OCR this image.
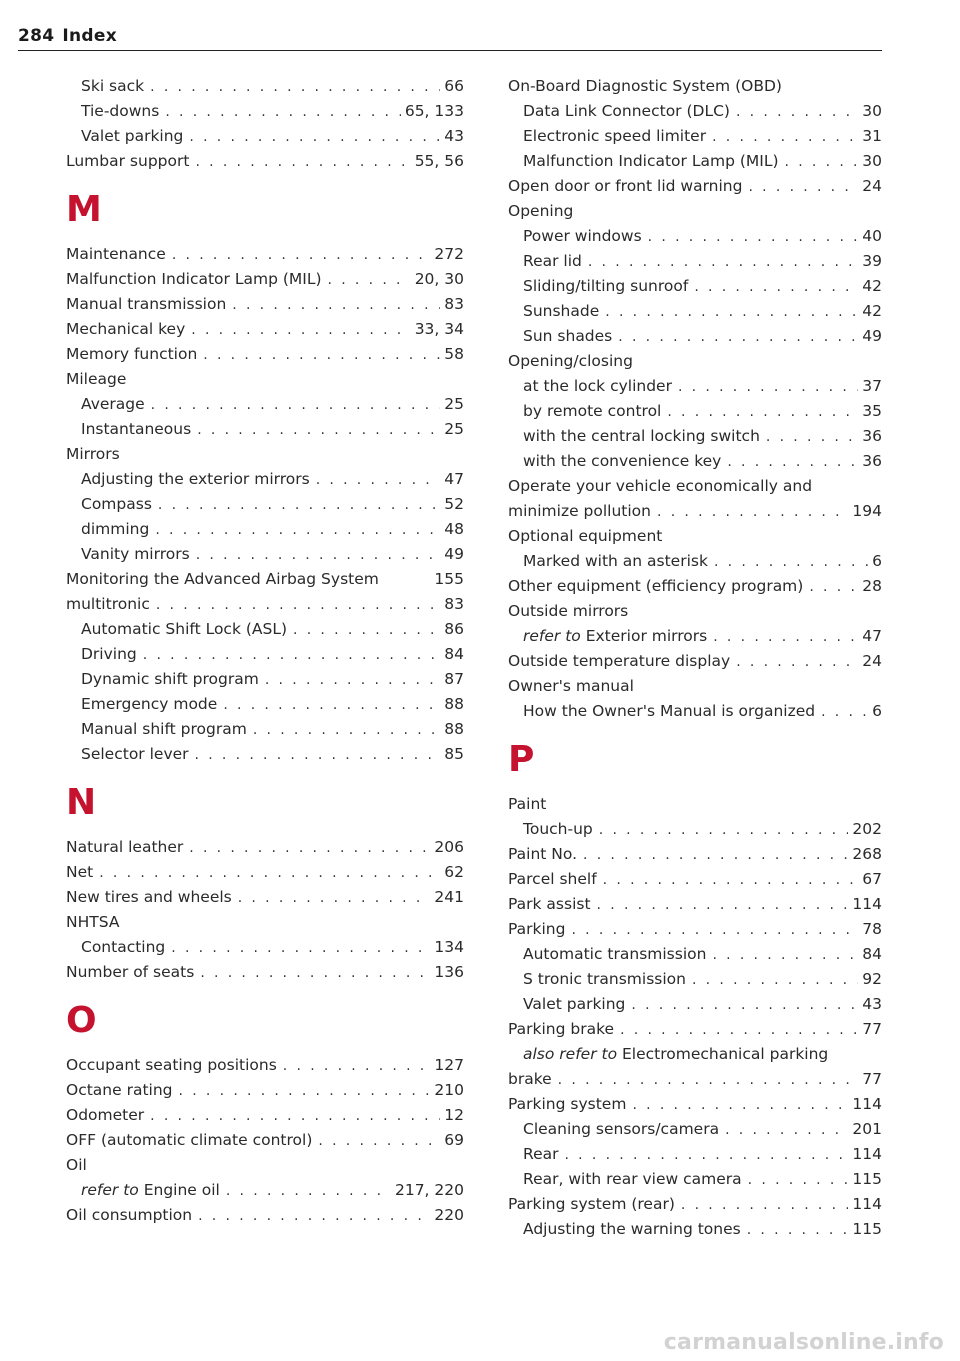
284 Index
Ski sack . . .	66
Tie-downs . . .	65, 133
Valet parking . . .	43
Lumbar support . . .	55, 56
M
Maintenance . . .	272
Malfunction Indicator Lamp (MIL) . . .	20, 30
Manual transmission . . .	83
Mechanical key . . .	33, 34
Memory function . . .	58
Mileage
Average . . .	25
Instantaneous . . .	25
Mirrors
Adjusting the exterior mirrors . . .	47
Compass . . .	52
dimming . . .	48
Vanity mirrors . . .	49
Monitoring the Advanced Airbag System	155
multitronic . . .	83
Automatic Shift Lock (ASL) . . .	86
Driving . . .	84
Dynamic shift program . . .	87
Emergency mode . . .	88
Manual shift program . . .	88
Selector lever . . .	85
N
Natural leather . . .	206
Net . . .	62
New tires and wheels . . .	241
NHTSA
Contacting . . .	134
Number of seats . . .	136
O
Occupant seating positions . . .	127
Octane rating . . .	210
Odometer . . .	12
OFF (automatic climate control) . . .	69
Oil
refer to Engine oil . . .	217, 220
Oil consumption . . .	220
On-Board Diagnostic System (OBD)
Data Link Connector (DLC) . . .	30
Electronic speed limiter . . .	31
Malfunction Indicator Lamp (MIL) . . .	30
Open door or front lid warning . . .	24
Opening
Power windows . . .	40
Rear lid . . .	39
Sliding/tilting sunroof . . .	42
Sunshade . . .	42
Sun shades . . .	49
Opening/closing
at the lock cylinder . . .	37
by remote control . . .	35
with the central locking switch . . .	36
with the convenience key . . .	36
Operate your vehicle economically and
minimize pollution . . .	194
Optional equipment
Marked with an asterisk . . .	6
Other equipment (efficiency program) . . .	28
Outside mirrors
refer to Exterior mirrors . . .	47
Outside temperature display . . .	24
Owner's manual
How the Owner's Manual is organized . . .	6
P
Paint
Touch-up . . .	202
Paint No. . . .	268
Parcel shelf . . .	67
Park assist . . .	114
Parking . . .	78
Automatic transmission . . .	84
S tronic transmission . . .	92
Valet parking . . .	43
Parking brake . . .	77
also refer to Electromechanical parking
brake . . .	77
Parking system . . .	114
Cleaning sensors/camera . . .	201
Rear . . .	114
Rear, with rear view camera . . .	115
Parking system (rear) . . .	114
Adjusting the warning tones . . .	115
carmanualsonline.info
